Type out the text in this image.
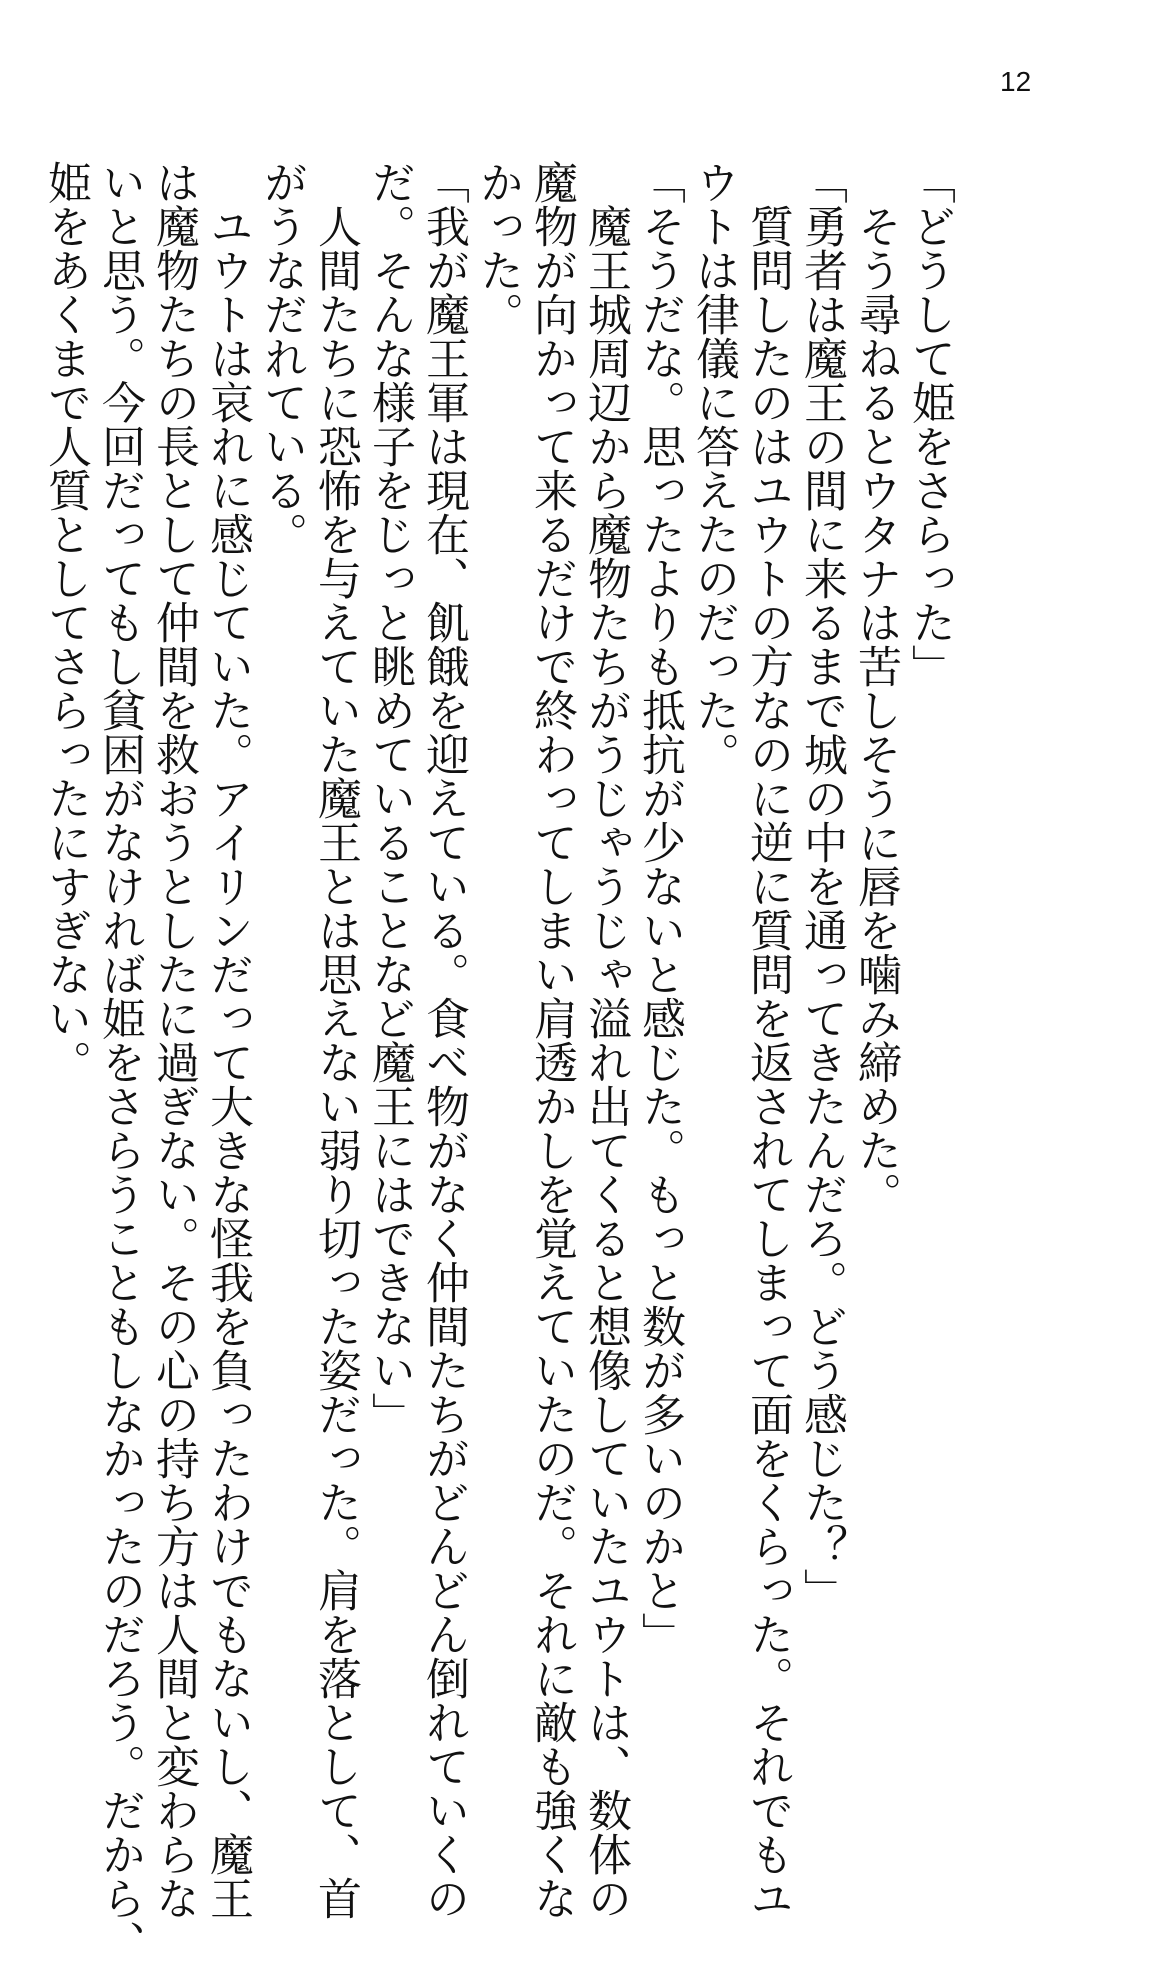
12
「どうして姫をさらった」
　そう尋ねるとウタナは苦しそうに唇を噛み締めた。
「勇者は魔王の間に来るまで城の中を通ってきたんだろ。どう感じた？」
　質問したのはユウトの方なのに逆に質問を返されてしまって面をくらった。それでもユ
ウトは律儀に答えたのだった。
「そうだな。思ったよりも抵抗が少ないと感じた。もっと数が多いのかと」
　魔王城周辺から魔物たちがうじゃうじゃ溢れ出てくると想像していたユウトは、数体の
魔物が向かって来るだけで終わってしまい肩透かしを覚えていたのだ。それに敵も強くな
かった。
「我が魔王軍は現在、飢餓を迎えている。食べ物がなく仲間たちがどんどん倒れていくの
だ。そんな様子をじっと眺めていることなど魔王にはできない」
　人間たちに恐怖を与えていた魔王とは思えない弱り切った姿だった。肩を落として、首
がうなだれている。
　ユウトは哀れに感じていた。アイリンだって大きな怪我を負ったわけでもないし、魔王
は魔物たちの長として仲間を救おうとしたに過ぎない。その心の持ち方は人間と変わらな
いと思う。今回だってもし貧困がなければ姫をさらうこともしなかったのだろう。だから、
姫をあくまで人質としてさらったにすぎない。
